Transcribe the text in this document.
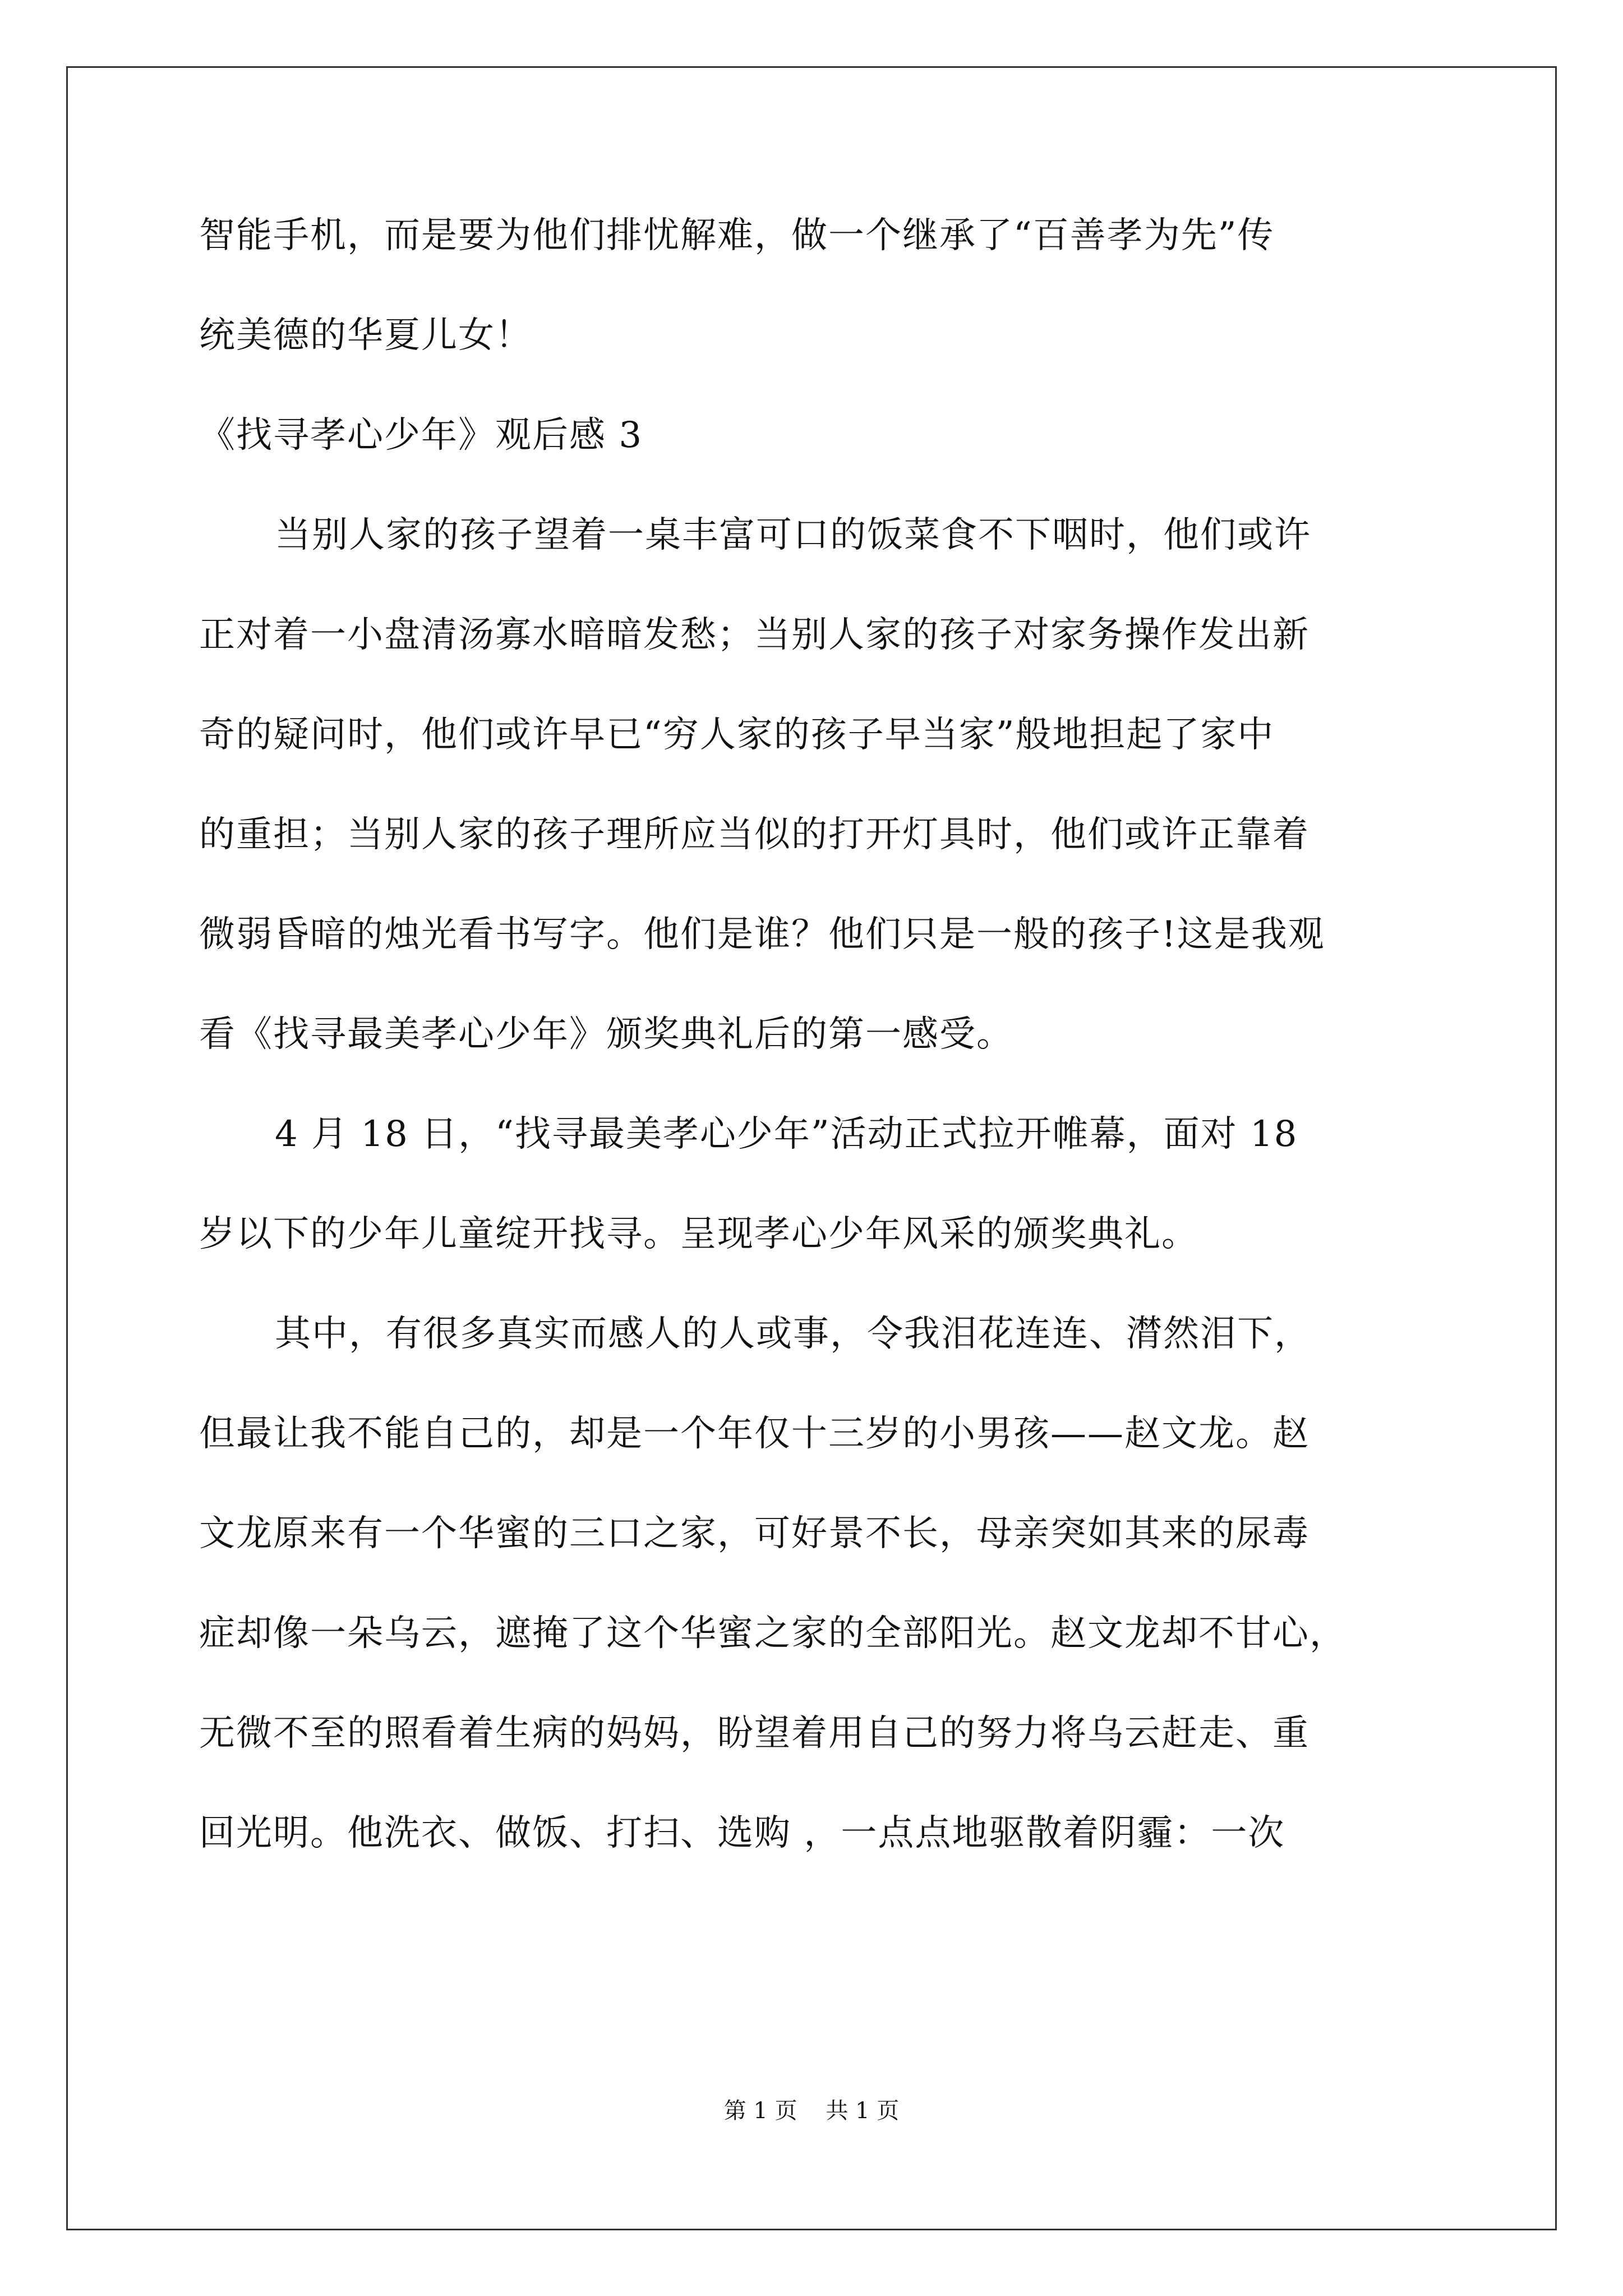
智能手机，而是要为他们排忧解难，做一个继承了“百善孝为先”传
统美德的华夏儿女！
《找寻孝心少年》观后感 3
当别人家的孩子望着一桌丰富可口的饭菜食不下咽时，他们或许
正对着一小盘清汤寡水暗暗发愁；当别人家的孩子对家务操作发出新
奇的疑问时，他们或许早已“穷人家的孩子早当家”般地担起了家中
的重担；当别人家的孩子理所应当似的打开灯具时，他们或许正靠着
微弱昏暗的烛光看书写字。他们是谁？他们只是一般的孩子!这是我观
看《找寻最美孝心少年》颁奖典礼后的第一感受。
4 月 18 日，“找寻最美孝心少年”活动正式拉开帷幕，面对 18
岁以下的少年儿童绽开找寻。呈现孝心少年风采的颁奖典礼。
其中，有很多真实而感人的人或事，令我泪花连连、潸然泪下，
但最让我不能自己的，却是一个年仅十三岁的小男孩——赵文龙。赵
文龙原来有一个华蜜的三口之家，可好景不长，母亲突如其来的尿毒
症却像一朵乌云，遮掩了这个华蜜之家的全部阳光。赵文龙却不甘心，
无微不至的照看着生病的妈妈，盼望着用自己的努力将乌云赶走、重
回光明。他洗衣、做饭、打扫、选购 ，一点点地驱散着阴霾：一次
第 1 页    共 1 页
